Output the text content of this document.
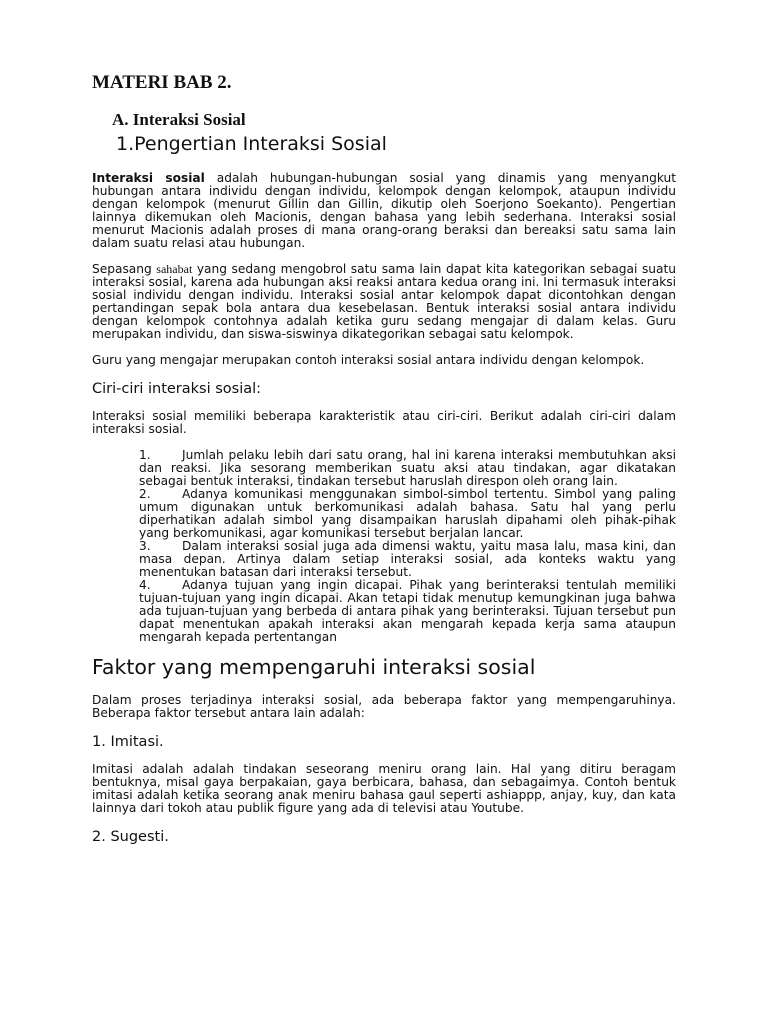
MATERI BAB 2.
A. Interaksi Sosial
1.Pengertian Interaksi Sosial

Interaksi sosial adalah hubungan-hubungan sosial yang dinamis yang menyangkut hubungan antara individu dengan individu, kelompok dengan kelompok, ataupun individu dengan kelompok (menurut Gillin dan Gillin, dikutip oleh Soerjono Soekanto). Pengertian lainnya dikemukan oleh Macionis, dengan bahasa yang lebih sederhana. Interaksi sosial menurut Macionis adalah proses di mana orang-orang beraksi dan bereaksi satu sama lain dalam suatu relasi atau hubungan.

Sepasang sahabat yang sedang mengobrol satu sama lain dapat kita kategorikan sebagai suatu interaksi sosial, karena ada hubungan aksi reaksi antara kedua orang ini. Ini termasuk interaksi sosial individu dengan individu. Interaksi sosial antar kelompok dapat dicontohkan dengan pertandingan sepak bola antara dua kesebelasan. Bentuk interaksi sosial antara individu dengan kelompok contohnya adalah ketika guru sedang mengajar di dalam kelas. Guru merupakan individu, dan siswa-siswinya dikategorikan sebagai satu kelompok.

Guru yang mengajar merupakan contoh interaksi sosial antara individu dengan kelompok.

Ciri-ciri interaksi sosial:

Interaksi sosial memiliki beberapa karakteristik atau ciri-ciri. Berikut adalah ciri-ciri dalam interaksi sosial.

1.	Jumlah pelaku lebih dari satu orang, hal ini karena interaksi membutuhkan aksi dan reaksi. Jika sesorang memberikan suatu aksi atau tindakan, agar dikatakan sebagai bentuk interaksi, tindakan tersebut haruslah direspon oleh orang lain.
2.	Adanya komunikasi menggunakan simbol-simbol tertentu. Simbol yang paling umum digunakan untuk berkomunikasi adalah bahasa. Satu hal yang perlu diperhatikan adalah simbol yang disampaikan haruslah dipahami oleh pihak-pihak yang berkomunikasi, agar komunikasi tersebut berjalan lancar.
3.	Dalam interaksi sosial juga ada dimensi waktu, yaitu masa lalu, masa kini, dan masa depan. Artinya dalam setiap interaksi sosial, ada konteks waktu yang menentukan batasan dari interaksi tersebut.
4.	Adanya tujuan yang ingin dicapai. Pihak yang berinteraksi tentulah memiliki tujuan-tujuan yang ingin dicapai. Akan tetapi tidak menutup kemungkinan juga bahwa ada tujuan-tujuan yang berbeda di antara pihak yang berinteraksi. Tujuan tersebut pun dapat menentukan apakah interaksi akan mengarah kepada kerja sama ataupun mengarah kepada pertentangan
Faktor yang mempengaruhi interaksi sosial

Dalam proses terjadinya interaksi sosial, ada beberapa faktor yang mempengaruhinya. Beberapa faktor tersebut antara lain adalah:

1. Imitasi.

Imitasi adalah adalah tindakan seseorang meniru orang lain. Hal yang ditiru beragam bentuknya, misal gaya berpakaian, gaya berbicara, bahasa, dan sebagaimya. Contoh bentuk imitasi adalah ketika seorang anak meniru bahasa gaul seperti ashiappp, anjay, kuy, dan kata lainnya dari tokoh atau publik figure yang ada di televisi atau Youtube.

2. Sugesti.
